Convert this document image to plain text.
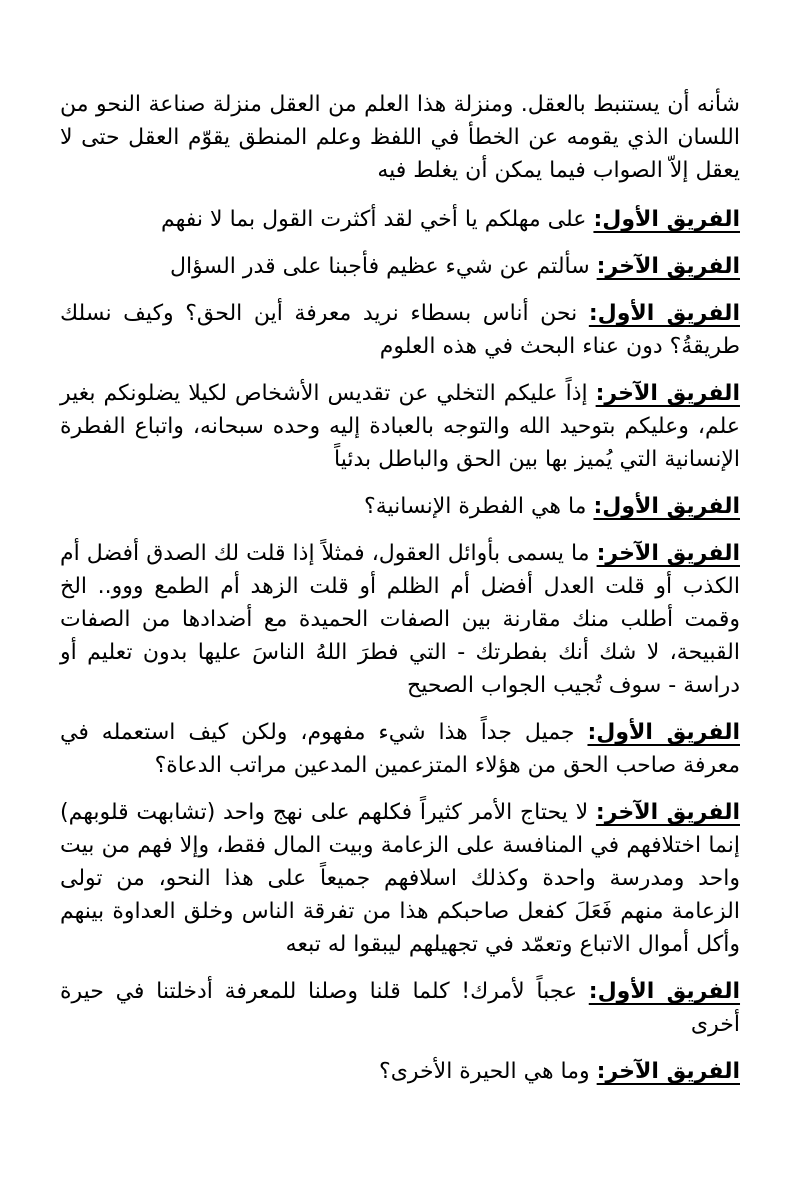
شأنه أن يستنبط بالعقل. ومنزلة هذا العلم من العقل منزلة صناعة النحو من اللسان الذي يقومه عن الخطأ في اللفظ وعلم المنطق يقوّم العقل حتى لا يعقل إلاّ الصواب فيما يمكن أن يغلط فيه

الفريق الأول: على مهلكم يا أخي لقد أكثرت القول بما لا نفهم

الفريق الآخر: سألتم عن شيء عظيم فأجبنا على قدر السؤال

الفريق الأول: نحن أناس بسطاء نريد معرفة أين الحق؟ وكيف نسلك طريقةُ؟ دون عناء البحث في هذه العلوم

الفريق الآخر: إذاً عليكم التخلي عن تقديس الأشخاص لكيلا يضلونكم بغير علم، وعليكم بتوحيد الله والتوجه بالعبادة إليه وحده سبحانه، واتباع الفطرة الإنسانية التي يُميز بها بين الحق والباطل بدئياً

الفريق الأول: ما هي الفطرة الإنسانية؟

الفريق الآخر: ما يسمى بأوائل العقول، فمثلاً إذا قلت لك الصدق أفضل أم الكذب أو قلت العدل أفضل أم الظلم أو قلت الزهد أم الطمع ووو.. الخ وقمت أطلب منك مقارنة بين الصفات الحميدة مع أضدادها من الصفات القبيحة، لا شك أنك بفطرتك - التي فطرَ اللهُ الناسَ عليها بدون تعليم أو دراسة - سوف تُجيب الجواب الصحيح

الفريق الأول: جميل جداً هذا شيء مفهوم، ولكن كيف استعمله في معرفة صاحب الحق من هؤلاء المتزعمين المدعين مراتب الدعاة؟

الفريق الآخر: لا يحتاج الأمر كثيراً فكلهم على نهج واحد (تشابهت قلوبهم) إنما اختلافهم في المنافسة على الزعامة وبيت المال فقط، وإلا فهم من بيت واحد ومدرسة واحدة وكذلك اسلافهم جميعاً على هذا النحو، من تولى الزعامة منهم فَعَلَ كفعل صاحبكم هذا من تفرقة الناس وخلق العداوة بينهم وأكل أموال الاتباع وتعمّد في تجهيلهم ليبقوا له تبعه

الفريق الأول: عجباً لأمرك! كلما قلنا وصلنا للمعرفة أدخلتنا في حيرة أخرى

الفريق الآخر: وما هي الحيرة الأخرى؟
